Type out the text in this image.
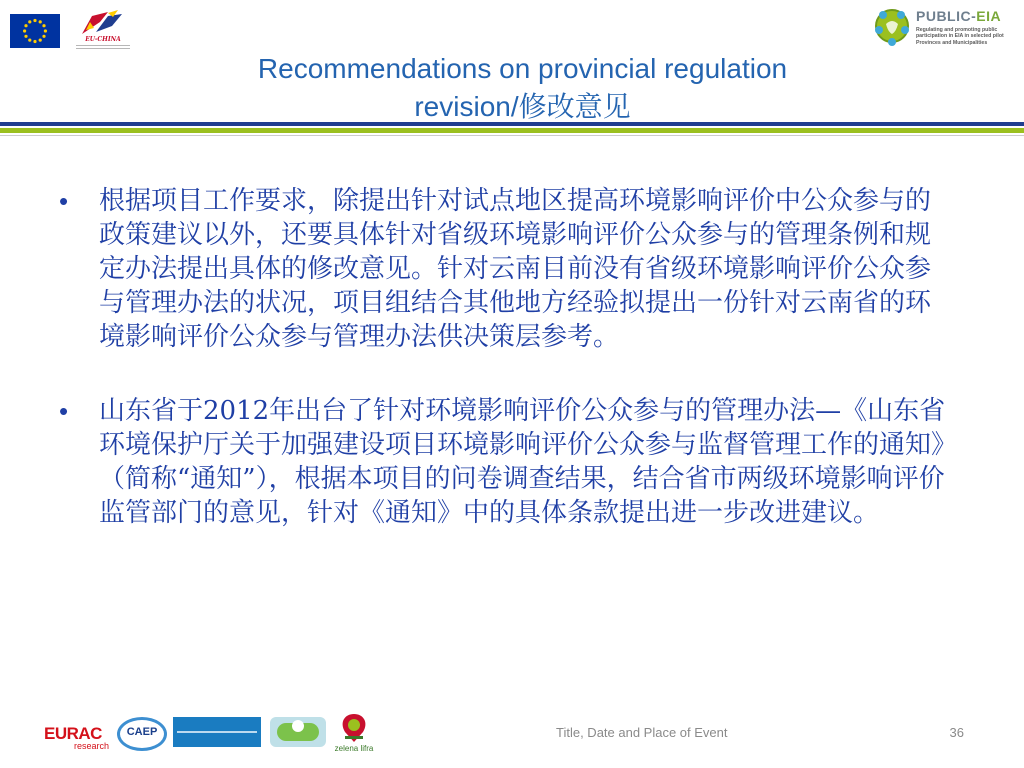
EU-CHINA
PUBLIC-EIA
Regulating and promoting public participation in EIA in selected pilot Provinces and Municipalities
Recommendations on provincial regulation
revision/修改意见
• 根据项目工作要求，除提出针对试点地区提高环境影响评价中公众参与的政策建议以外，还要具体针对省级环境影响评价公众参与的管理条例和规定办法提出具体的修改意见。针对云南目前没有省级环境影响评价公众参与管理办法的状况，项目组结合其他地方经验拟提出一份针对云南省的环境影响评价公众参与管理办法供决策层参考。
• 山东省于2012年出台了针对环境影响评价公众参与的管理办法—《山东省环境保护厅关于加强建设项目环境影响评价公众参与监督管理工作的通知》（简称“通知”），根据本项目的问卷调查结果，结合省市两级环境影响评价监管部门的意见，针对《通知》中的具体条款提出进一步改进建议。
EURAC
research
CAEP
zelena lifra
Title, Date and Place of Event	36
